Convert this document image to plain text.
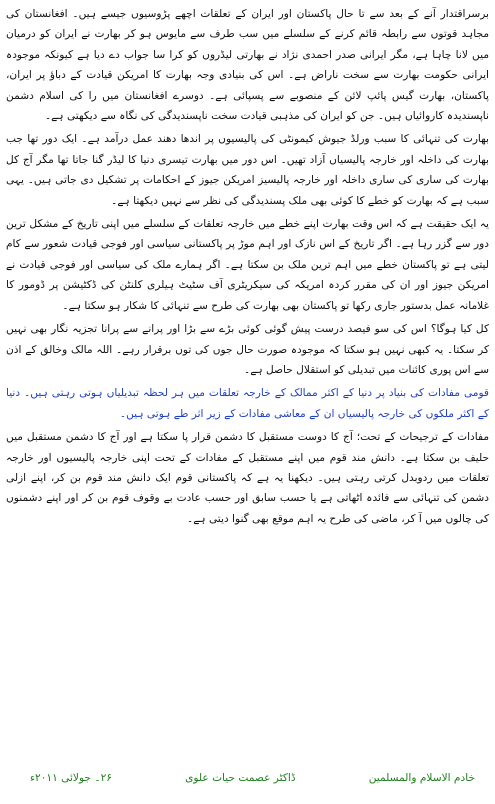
برسراقتدار آنے کے بعد سے تا حال پاکستان اور ایران کے تعلقات اچھے پڑوسیوں جیسے ہیں۔ افغانستان کی مجاہد قوتوں سے رابطہ قائم کرنے کے سلسلے میں سب طرف سے مایوس ہو کر بھارت نے ایران کو درمیان میں لانا چاہا ہے، مگر ایرانی صدر احمدی نژاد نے بھارتی لیڈروں کو کرا سا جواب دے دیا ہے کیونکہ موجودہ ایرانی حکومت بھارت سے سخت ناراض ہے۔ اس کی بنیادی وجہ بھارت کا امریکن قیادت کے دباؤ پر ایران، پاکستان، بھارت گیس پائپ لائن کے منصوبے سے پسپائی ہے۔ دوسرے افغانستان میں را کی اسلام دشمن ناپسندیدہ کاروائیاں ہیں۔ جن کو ایران کی مذہبی قیادت سخت ناپسندیدگی کی نگاہ سے دیکھتی ہے۔

بھارت کی تنہائی کا سبب ورلڈ جیوش کیمونٹی کی پالیسیوں پر اندھا دھند عمل درآمد ہے۔ ایک دور تھا جب بھارت کی داخلہ اور خارجہ پالیسیاں آزاد تھیں۔ اس دور میں بھارت تیسری دنیا کا لیڈر گنا جاتا تھا مگر آج کل بھارت کی ساری کی ساری داخلہ اور خارجہ پالیسیز امریکن جیوز کے احکامات پر تشکیل دی جاتی ہیں۔ یہی سبب ہے کہ بھارت کو خطے کا کوئی بھی ملک پسندیدگی کی نظر سے نہیں دیکھتا ہے۔

یہ ایک حقیقت ہے کہ اس وقت بھارت اپنے خطے میں خارجہ تعلقات کے سلسلے میں اپنی تاریخ کے مشکل ترین دور سے گزر رہا ہے۔ اگر تاریخ کے اس نازک اور اہم موڑ پر پاکستانی سیاسی اور فوجی قیادت شعور سے کام لیتی ہے تو پاکستان خطے میں اہم ترین ملک بن سکتا ہے۔ اگر ہمارے ملک کی سیاسی اور فوجی قیادت نے امریکن جیوز اور ان کی مقرر کردہ امریکہ کی سیکریٹری آف سٹیٹ ہیلری کلنٹن کی ڈکٹیشن پر ڈومور کا غلامانہ عمل بدستور جاری رکھا تو پاکستان بھی بھارت کی طرح سے تنہائی کا شکار ہو سکتا ہے۔

کل کیا ہوگا؟ اس کی سو فیصد درست پیش گوئی کوئی بڑے سے بڑا اور پرانے سے پرانا تجزیہ نگار بھی نہیں کر سکتا۔ یہ کبھی نہیں ہو سکتا کہ موجودہ صورت حال جوں کی توں برقرار رہے۔ اللہ مالک وخالق کے اذن سے اس پوری کائنات میں تبدیلی کو استقلال حاصل ہے۔

قومی مفادات کی بنیاد پر دنیا کے اکثر ممالک کے خارجہ تعلقات میں ہر لحظہ تبدیلیاں ہوتی رہتی ہیں۔ دنیا کے اکثر ملکوں کی خارجہ پالیسیاں ان کے معاشی مفادات کے زیر اثر طے ہوتی ہیں۔

مفادات کے ترجیحات کے تحت؛ آج کا دوست مستقبل کا دشمن قرار پا سکتا ہے اور آج کا دشمن مستقبل میں حلیف بن سکتا ہے۔ دانش مند قوم میں اپنے مستقبل کے مفادات کے تحت اپنی خارجہ پالیسیوں اور خارجہ تعلقات میں ردوبدل کرتی رہتی ہیں۔ دیکھنا یہ ہے کہ پاکستانی قوم ایک دانش مند قوم بن کر، اپنے ازلی دشمن کی تنہائی سے فائدہ اٹھاتی ہے یا حسب سابق اور حسب عادت بے وقوف قوم بن کر اور اپنے دشمنوں کی چالوں میں آ کر، ماضی کی طرح یہ اہم موقع بھی گنوا دیتی ہے۔

خادم الاسلام والمسلمین
ڈاکٹر عصمت حیات علوی
۲۶۔ جولائی ۲۰۱۱ء
